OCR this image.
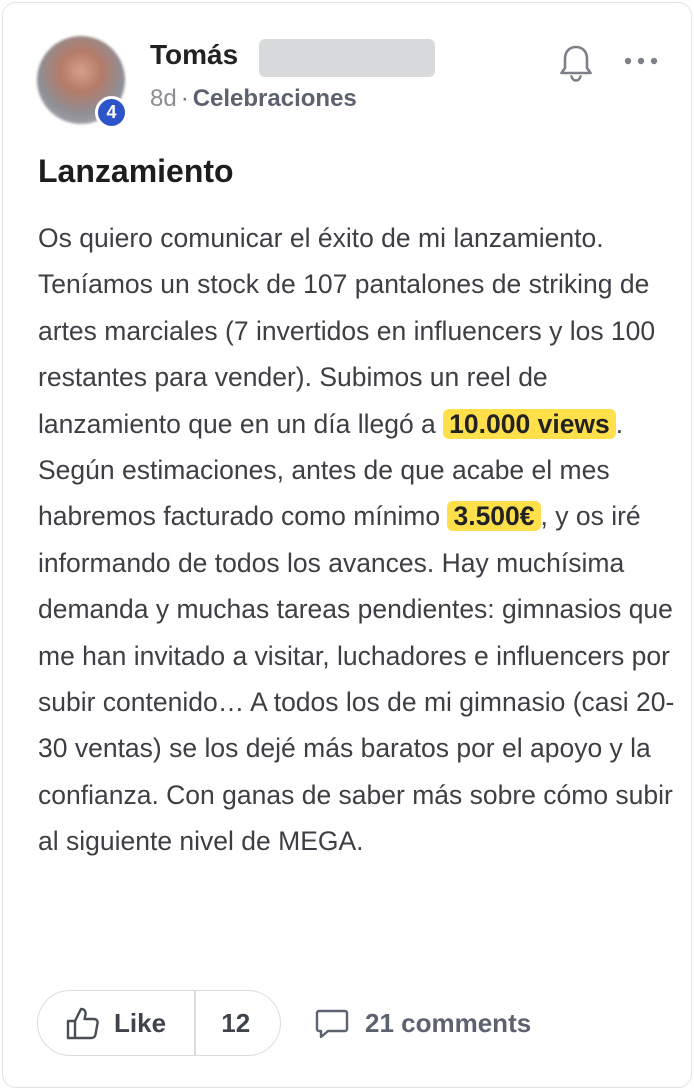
4
Tomás
8d · Celebraciones
Lanzamiento
Os quiero comunicar el éxito de mi lanzamiento. Teníamos un stock de 107 pantalones de striking de artes marciales (7 invertidos en influencers y los 100 restantes para vender). Subimos un reel de lanzamiento que en un día llegó a 10.000 views . Según estimaciones, antes de que acabe el mes habremos facturado como mínimo 3.500€ , y os iré informando de todos los avances. Hay muchísima demanda y muchas tareas pendientes: gimnasios que me han invitado a visitar, luchadores e influencers por subir contenido… A todos los de mi gimnasio (casi 20-30 ventas) se los dejé más baratos por el apoyo y la confianza. Con ganas de saber más sobre cómo subir al siguiente nivel de MEGA.
Like	12	21 comments
